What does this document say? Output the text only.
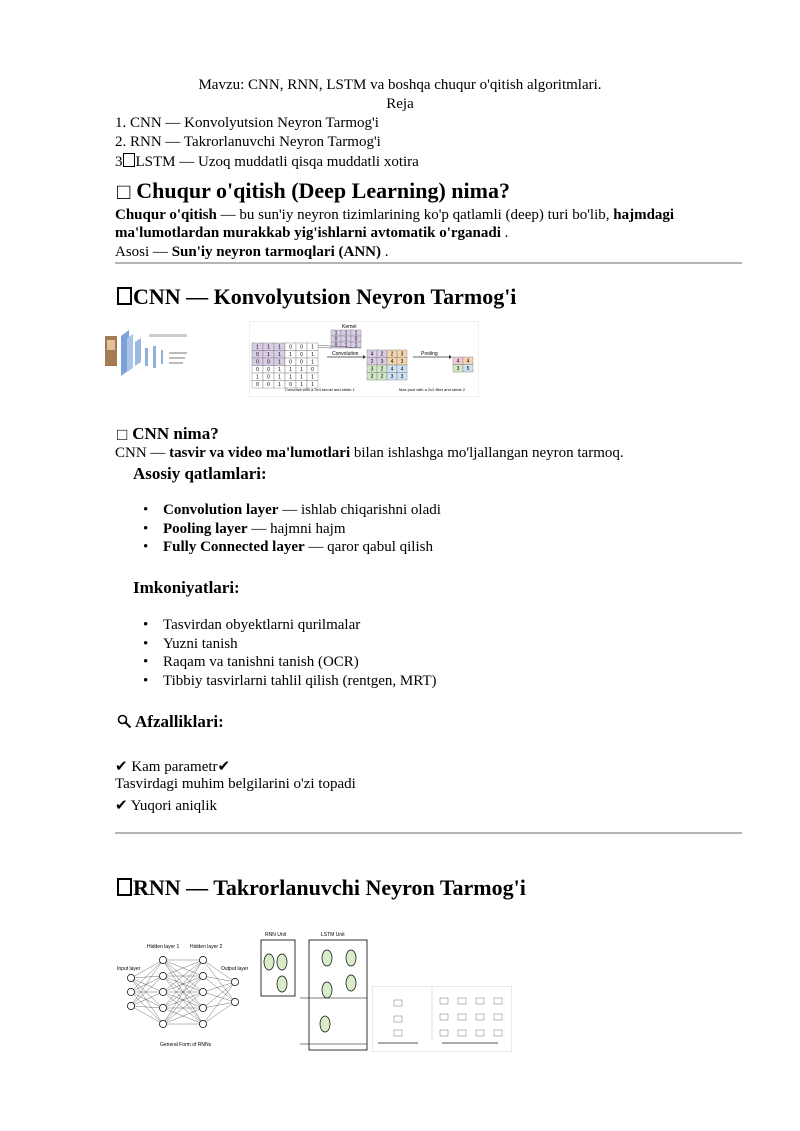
Mavzu: CNN, RNN, LSTM va boshqa chuqur o'qitish algoritmlari.
Reja
1. CNN — Konvolyutsion Neyron Tarmog'i
2. RNN — Takrorlanuvchi Neyron Tarmog'i
3 LSTM — Uzoq muddatli qisqa muddatli xotira
□ Chuqur o'qitish (Deep Learning) nima?
Chuqur o'qitish — bu sun'iy neyron tizimlarining ko'p qatlamli (deep) turi bo'lib, hajmdagi
ma'lumotlardan murakkab yig'ishlarni avtomatik o'rganadi .
Asosi — Sun'iy neyron tarmoqlari (ANN) .
CNN — Konvolyutsion Neyron Tarmog'i
Kernel
1 1 1
0 1 0
0 1 1
1 1 1 0 0 1
0 1 1 1 0 1
0 0 1 0 0 1
0 0 1 1 1 0
1 0 1 1 1 1
0 0 1 0 1 1
4 2 2 3
2 3 4 3
3 2 4 4
2 2 3 3
4 4
3 5
Convolution	Pooling
Convolve with a 3x3 kernel and stride 1	Max pool with a 2x2 filter and stride 2
□ CNN nima?
CNN — tasvir va video ma'lumotlari bilan ishlashga mo'ljallangan neyron tarmoq.
Asosiy qatlamlari:
• Convolution layer — ishlab chiqarishni oladi
• Pooling layer — hajmni hajm
• Fully Connected layer — qaror qabul qilish
Imkoniyatlari:
• Tasvirdan obyektlarni qurilmalar
• Yuzni tanish
• Raqam va tanishni tanish (OCR)
• Tibbiy tasvirlarni tahlil qilish (rentgen, MRT)
Afzalliklari:
✔ Kam parametr✔
Tasvirdagi muhim belgilarini o'zi topadi
✔ Yuqori aniqlik
RNN — Takrorlanuvchi Neyron Tarmog'i
Hidden layer 1 Hidden layer 2
Input layer	Output layer
General Form of RNNs
RNN Unit	LSTM Unit
